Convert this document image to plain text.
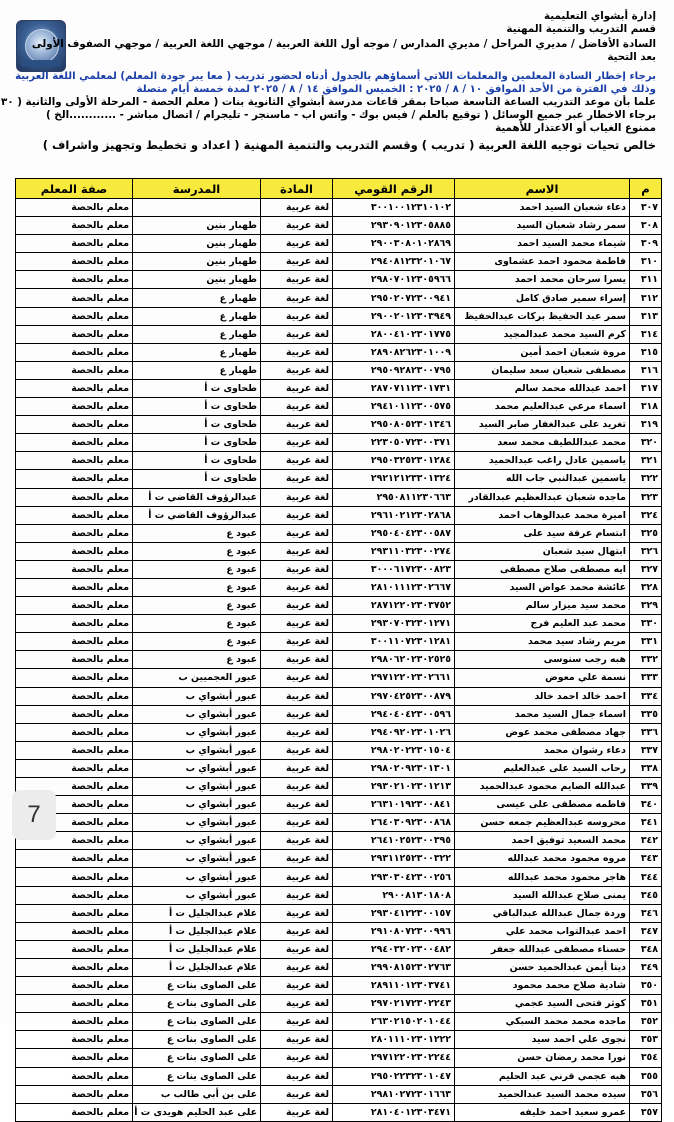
إدارة أبشواي التعليمية
قسم التدريب والتنمية المهنية
السادة الأفاضل / مديري المراحل / مديري المدارس / موجه أول اللغة العربية / موجهي اللغة العربية / موجهي الصفوف الأولى
بعد التحية
برجاء إخطار السادة المعلمين والمعلمات اللاتي أسماؤهم بالجدول أدناه لحضور تدريب ( معا يبر جودة المعلم) لمعلمي اللغة العربية
وذلك في الفترة من الأحد الموافق ١٠ / ٨ / ٢٠٢٥ : الخميس الموافق ١٤ / ٨ / ٢٠٢٥ لمدة خمسة أيام متصلة
علما بأن موعد التدريب الساعة التاسعة صباحا بمقر قاعات مدرسة أبشواي الثانوية بنات ( معلم الحصة - المرحلة الأولى والثانية ( ٣٠
برجاء الاخطار عبر جميع الوسائل ( توقيع بالعلم / فيس بوك - واتس اب - ماسنجر - تليجرام / اتصال مباشر - ............الخ )
ممنوع الغياب أو الاعتذار للأهمية
خالص تحيات توجيه اللغة العربية ( تدريب ) وقسم التدريب والتنمية المهنية ( اعداد و تخطيط وتجهيز واشراف )
م	الاسم	الرقم القومي	المادة	المدرسة	صفة المعلم
٣٠٧	دعاء شعبان السيد احمد	٣٠٠١٠٠١٢٣١٠١٠٢	لغة عربية		معلم بالحصة
٣٠٨	سمر رشاد شعبان السيد	٢٩٣٠٩٠١٢٣٠٥٨٨٥	لغة عربية	طهبار بنين	معلم بالحصة
٣٠٩	شيماء محمد السيد احمد	٢٩٠٠٣٠٨٠١٠٢٨٦٩	لغة عربية	طهبار بنين	معلم بالحصة
٣١٠	فاطمة محمود احمد عشماوى	٢٩٤٠٨١٢٣٢٠١٠٦٧	لغة عربية	طهبار بنين	معلم بالحصة
٣١١	يسرا سرحان محمد احمد	٢٩٨٠٧٠١٢٣٠٥٩٦٦	لغة عربية	طهبار بنين	معلم بالحصة
٣١٢	إسراء سمير صادق كامل	٢٩٥٠٢٠٧٢٣٠٠٩٤١	لغة عربية	طهبار ع	معلم بالحصة
٣١٣	سمر عبد الحفيظ بركات عبدالحفيظ	٢٩٠٠٢٠١٢٣٠٣٩٤٩	لغة عربية	طهبار ع	معلم بالحصة
٣١٤	كرم السيد محمد عبدالمجيد	٢٨٠٠٤١٠٢٣٠١٧٧٥	لغة عربية	طهبار ع	معلم بالحصة
٣١٥	مروة شعبان احمد أمين	٢٨٩٠٨٢٦٢٣٠١٠٠٩	لغة عربية	طهبار ع	معلم بالحصة
٣١٦	مصطفى شعبان سعد سليمان	٢٩٥٠٩٢٨٢٣٠٠٧٩٥	لغة عربية	طهبار ع	معلم بالحصة
٣١٧	احمد عبدالله محمد سالم	٢٨٧٠٧١١٢٣٠١٧٣١	لغة عربية	طحاوى ت أ	معلم بالحصة
٣١٨	اسماء مرعي عبدالعليم محمد	٢٩٤١٠١١٢٣٠٠٥٧٥	لغة عربية	طحاوى ت أ	معلم بالحصة
٣١٩	تغريد على عبدالغفار صابر السيد	٢٩٥٠٨٠٥٢٣٠١٣٤٦	لغة عربية	طحاوى ت أ	معلم بالحصة
٣٢٠	محمد عبداللطيف محمد سعد	٢٢٣٠٥٠٧٢٣٠٠٣٧١	لغة عربية	طحاوى ت أ	معلم بالحصة
٣٢١	ياسمين عادل راغب عبدالحميد	٢٩٥٠٣٢٥٢٣٠١٢٨٤	لغة عربية	طحاوى ت أ	معلم بالحصة
٣٢٢	ياسمين عبدالنبي جاب الله	٢٩٢١٢١٢٣٣٠١٣٢٤	لغة عربية	طحاوى ت أ	معلم بالحصة
٣٢٣	ماجده شعبان عبدالعظيم عبدالقادر	٢٩٥٠٨١١٢٣٠٦٦٣	لغة عربية	عبدالرؤوف القاضي ت أ	معلم بالحصة
٣٢٤	اميرة محمد عبدالوهاب احمد	٢٩٦١٠٢١٢٣٠٢٨٦٨	لغة عربية	عبدالرؤوف القاضي ت أ	معلم بالحصة
٣٢٥	ابتسام عرفة سيد على	٢٩٥٠٤٠٤٢٣٠٠٥٨٧	لغة عربية	عبود ع	معلم بالحصة
٣٢٦	ابتهال سيد شعبان	٢٩٣١١٠٣٢٣٠٠٢٧٤	لغة عربية	عبود ع	معلم بالحصة
٣٢٧	ايه مصطفى صلاح مصطفى	٣٠٠٠٦١٧٢٣٠٠٨٢٣	لغة عربية	عبود ع	معلم بالحصة
٣٢٨	عائشة محمد عواض السيد	٢٨١٠١١١٢٣٠٢٦٦٧	لغة عربية	عبود ع	معلم بالحصة
٣٢٩	محمد سيد ميزار سالم	٢٨٧١٢٢٠٢٣٠٣٧٥٢	لغة عربية	عبود ع	معلم بالحصة
٣٣٠	محمد عبد العليم فرج	٢٩٣٠٧٠٣٢٣٠١٢٧١	لغة عربية	عبود ع	معلم بالحصة
٣٣١	مريم رشاد سيد محمد	٣٠٠١١٠٧٢٣٠١٢٨١	لغة عربية	عبود ع	معلم بالحصة
٣٣٢	هبه رجب سنوسى	٢٩٨٠٦٢٠٢٣٠٢٥٢٥	لغة عربية	عبود ع	معلم بالحصة
٣٣٣	نسمة علي معوض	٢٩٧١٢٢٠٢٣٠٢٦٦١	لغة عربية	عبور العجميين ب	معلم بالحصة
٣٣٤	احمد خالد احمد خالد	٢٩٧٠٤٢٥٢٣٠٠٨٧٩	لغة عربية	عبور أبشواي ب	معلم بالحصة
٣٣٥	اسماء جمال السيد محمد	٢٩٤٠٤٠٤٢٣٠٠٥٩٦	لغة عربية	عبور أبشواي ب	معلم بالحصة
٣٣٦	جهاد مصطفى محمد عوض	٢٩٤٠٩٢٠٢٣٠١٠٢٦	لغة عربية	عبور أبشواي ب	معلم بالحصة
٣٣٧	دعاء رشوان محمد	٢٩٨٠٢٠٢٢٣٠١٥٠٤	لغة عربية	عبور أبشواي ب	معلم بالحصة
٣٣٨	رحاب السيد على عبدالعليم	٢٩٨٠٢٠٩٢٣٠١٣٠١	لغة عربية	عبور أبشواي ب	معلم بالحصة
٣٣٩	عبدالله الصايم محمود عبدالحميد	٢٩٣٠٢١٠٢٣٠١٢١٣	لغة عربية	عبور أبشواي ب	معلم بالحصة
٣٤٠	فاطمه مصطفى على عيسى	٢٦٣١٠١٩٢٣٠٠٨٤١	لغة عربية	عبور أبشواي ب	معلم بالحصة
٣٤١	محروسه عبدالعظيم جمعه حسن	٢٦٤٠٣٠٩٢٣٠٠٨٦٨	لغة عربية	عبور أبشواي ب	معلم بالحصة
٣٤٢	محمد السعيد توفيق احمد	٢٦٤١٠٢٥٢٣٠٠٣٩٥	لغة عربية	عبور أبشواي ب	معلم بالحصة
٣٤٣	مروه محمود محمد عبدالله	٢٩٣١١٢٥٢٣٠٠٣٢٢	لغة عربية	عبور أبشواي ب	معلم بالحصة
٣٤٤	هاجر محمود محمد عبدالله	٢٩٣٠٣٠٤٢٣٠٠٢٥٦	لغة عربية	عبور أبشواي ب	معلم بالحصة
٣٤٥	يمنى صلاح عبدالله السيد	٢٩٠٠٨١٣٠١٨٠٨	لغة عربية	عبور أبشواي ب	معلم بالحصة
٣٤٦	وردة جمال عبدالله عبدالباقي	٢٩٣٠٤١٢٢٣٠٠١٥٧	لغة عربية	علام عبدالجليل ت أ	معلم بالحصة
٣٤٧	احمد عبدالتواب محمد علي	٢٩١٠٨٠٧٢٣٠٠٩٩٦	لغة عربية	علام عبدالجليل ت أ	معلم بالحصة
٣٤٨	حسناء مصطفى عبدالله جعفر	٢٩٤٠٣٢٠٢٣٠٠٤٨٢	لغة عربية	علام عبدالجليل ت أ	معلم بالحصة
٣٤٩	دينا أيمن عبدالحميد حسن	٢٩٩٠٨١٥٢٣٠٢٧٦٣	لغة عربية	علام عبدالجليل ت أ	معلم بالحصة
٣٥٠	شادية صلاح محمد محمود	٢٨٩١١٠١٢٣٠٣٧٤١	لغة عربية	على الصاوى بنات ع	معلم بالحصة
٣٥١	كوثر فتحى السيد عجمي	٢٩٧٠٢١٧٢٣٠٢٢٤٣	لغة عربية	على الصاوى بنات ع	معلم بالحصة
٣٥٢	ماجده محمد محمد السبكي	٢٦٣٠٢١٥٠٢٠١٠٤٤	لغة عربية	على الصاوى بنات ع	معلم بالحصة
٣٥٣	نجوى علي احمد سيد	٢٨٠١١١٠٢٣٠١٢٢٢	لغة عربية	على الصاوى بنات ع	معلم بالحصة
٣٥٤	نورا محمد رمضان حسن	٢٩٧١٢٢٠٢٣٠٢٢٤٤	لغة عربية	على الصاوى بنات ع	معلم بالحصة
٣٥٥	هبه عجمي قرني عبد الحليم	٢٩٥٠٢٢٣٢٣٠١٠٤٧	لغة عربية	على الصاوى بنات ع	معلم بالحصة
٣٥٦	سيده محمد السيد عبدالحميد	٢٩٨١٠٢٧٢٣٠١٦٦٣	لغة عربية	على بن أبي طالب ب	معلم بالحصة
٣٥٧	عمرو سعيد احمد خليفه	٢٨١٠٤٠١٢٣٠٣٤٧١	لغة عربية	على عبد الحليم هويدى ت أ	معلم بالحصة
7
